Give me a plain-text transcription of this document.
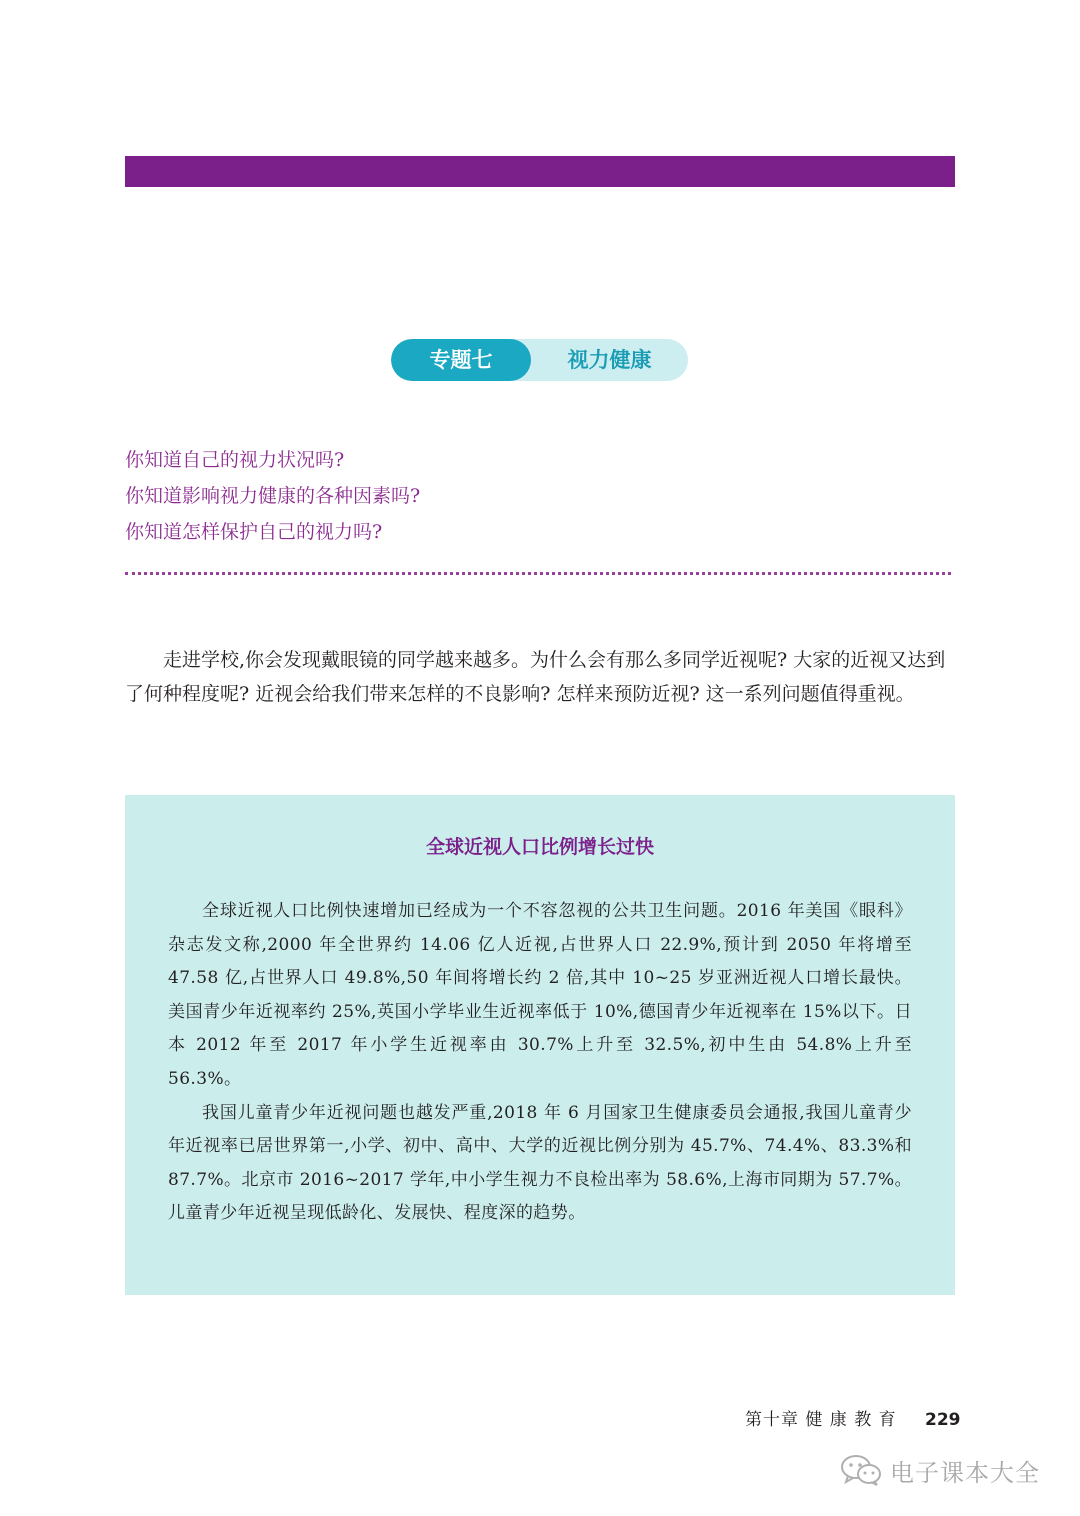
专题七	视力健康

你知道自己的视力状况吗?

你知道影响视力健康的各种因素吗?

你知道怎样保护自己的视力吗?

走进学校,你会发现戴眼镜的同学越来越多。为什么会有那么多同学近视呢? 大家的近视又达到了何种程度呢? 近视会给我们带来怎样的不良影响? 怎样来预防近视? 这一系列问题值得重视。

全球近视人口比例增长过快

全球近视人口比例快速增加已经成为一个不容忽视的公共卫生问题。2016 年美国《眼科》杂志发文称,2000 年全世界约 14.06 亿人近视,占世界人口 22.9%,预计到 2050 年将增至 47.58 亿,占世界人口 49.8%,50 年间将增长约 2 倍,其中 10~25 岁亚洲近视人口增长最快。美国青少年近视率约 25%,英国小学毕业生近视率低于 10%,德国青少年近视率在 15%以下。日本 2012 年至 2017 年小学生近视率由 30.7%上升至 32.5%,初中生由 54.8%上升至 56.3%。

我国儿童青少年近视问题也越发严重,2018 年 6 月国家卫生健康委员会通报,我国儿童青少年近视率已居世界第一,小学、初中、高中、大学的近视比例分别为 45.7%、74.4%、83.3%和 87.7%。北京市 2016~2017 学年,中小学生视力不良检出率为 58.6%,上海市同期为 57.7%。儿童青少年近视呈现低龄化、发展快、程度深的趋势。

第十章 健 康 教 育 229
电子课本大全
